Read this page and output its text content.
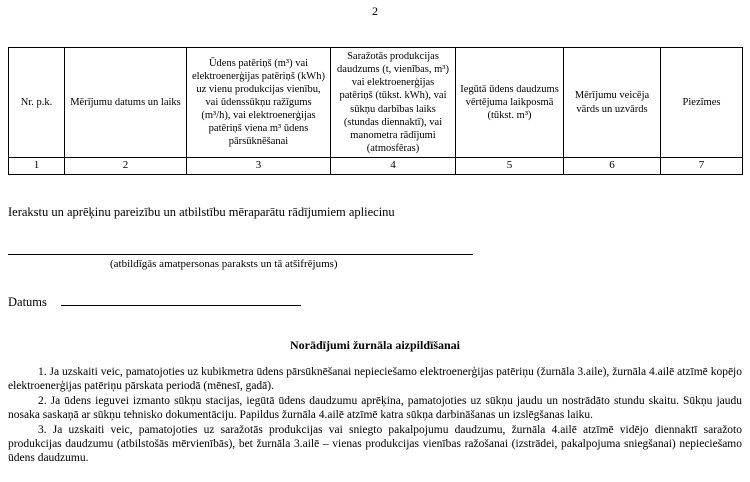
2
Nr. p.k.	Mērījumu datums un laiks	Ūdens patēriņš (m³) vai elektroenerģijas patēriņš (kWh) uz vienu produkcijas vienību, vai ūdenssūkņu ražīgums (m³/h), vai elektroenerģijas patēriņš viena m³ ūdens pārsūknēšanai	Saražotās produkcijas daudzums (t, vienības, m³) vai elektroenerģijas patēriņš (tūkst. kWh), vai sūkņu darbības laiks (stundas diennaktī), vai manometra rādījumi (atmosfēras)	Iegūtā ūdens daudzums vērtējuma laikposmā (tūkst. m³)	Mērījumu veicēja vārds un uzvārds	Piezīmes
1	2	3	4	5	6	7
Ierakstu un aprēķinu pareizību un atbilstību mēraparātu rādījumiem apliecinu
(atbildīgās amatpersonas paraksts un tā atšifrējums)
Datums
Norādījumi žurnāla aizpildīšanai

1. Ja uzskaiti veic, pamatojoties uz kubikmetra ūdens pārsūknēšanai nepieciešamo elektroenerģijas patēriņu (žurnāla 3.aile), žurnāla 4.ailē atzīmē kopējo elektroenerģijas patēriņu pārskata periodā (mēnesī, gadā).

2. Ja ūdens ieguvei izmanto sūkņu stacijas, iegūtā ūdens daudzumu aprēķina, pamatojoties uz sūkņu jaudu un nostrādāto stundu skaitu. Sūkņu jaudu nosaka saskaņā ar sūkņu tehnisko dokumentāciju. Papildus žurnāla 4.ailē atzīmē katra sūkņa darbināšanas un izslēgšanas laiku.

3. Ja uzskaiti veic, pamatojoties uz saražotās produkcijas vai sniegto pakalpojumu daudzumu, žurnāla 4.ailē atzīmē vidējo diennaktī saražoto produkcijas daudzumu (atbilstošās mērvienībās), bet žurnāla 3.ailē – vienas produkcijas vienības ražošanai (izstrādei, pakalpojuma sniegšanai) nepieciešamo ūdens daudzumu.
